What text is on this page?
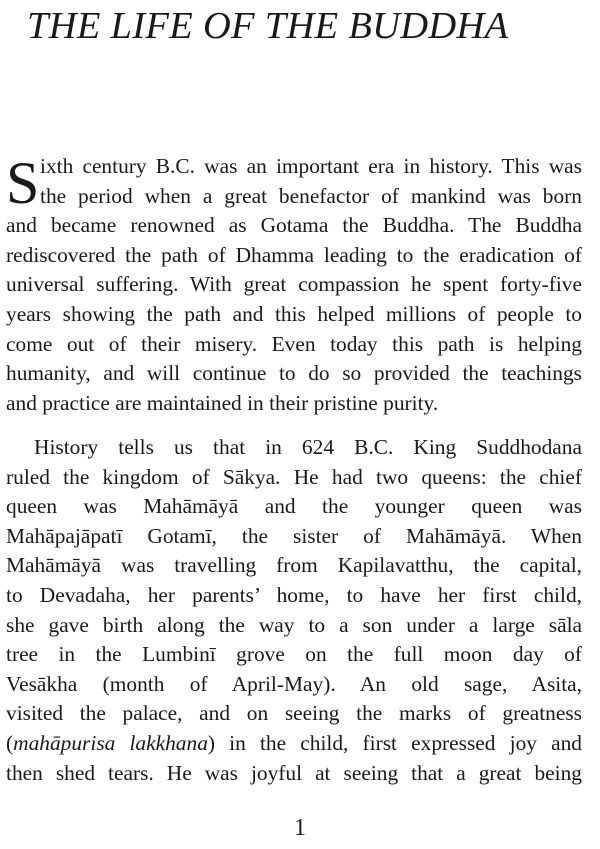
THE LIFE OF THE BUDDHA
S ixth century B.C. was an important era in history. This was
the period when a great benefactor of mankind was born
and became renowned as Gotama the Buddha. The Buddha
rediscovered the path of Dhamma leading to the eradication of
universal suffering. With great compassion he spent forty-five
years showing the path and this helped millions of people to
come out of their misery. Even today this path is helping
humanity, and will continue to do so provided the teachings
and practice are maintained in their pristine purity.
History tells us that in 624 B.C. King Suddhodana
ruled the kingdom of Sākya. He had two queens: the chief
queen was Mahāmāyā and the younger queen was
Mahāpajāpatī Gotamī, the sister of Mahāmāyā. When
Mahāmāyā was travelling from Kapilavatthu, the capital,
to Devadaha, her parents’ home, to have her first child,
she gave birth along the way to a son under a large sāla
tree in the Lumbinī grove on the full moon day of
Vesākha (month of April-May). An old sage, Asita,
visited the palace, and on seeing the marks of greatness
(mahāpurisa lakkhana) in the child, first expressed joy and
then shed tears. He was joyful at seeing that a great being
1
